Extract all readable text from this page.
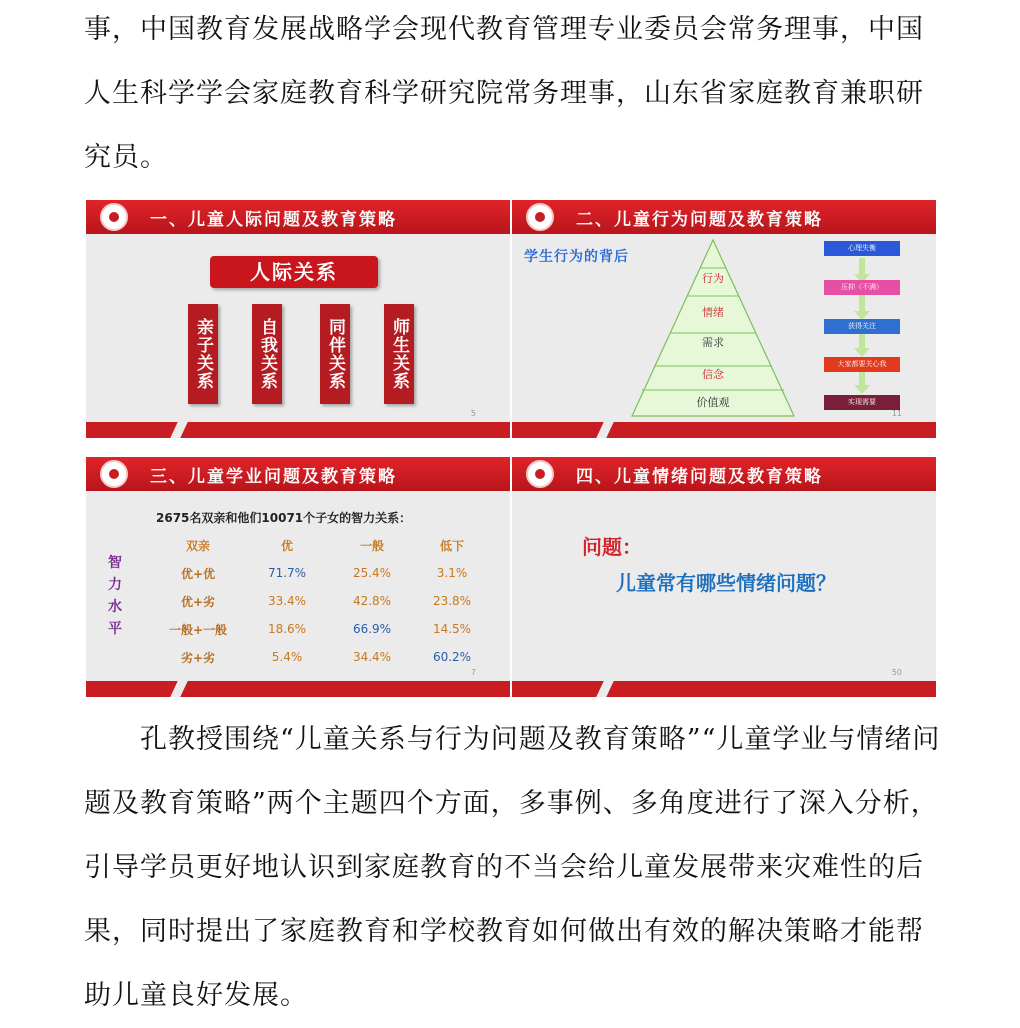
事，中国教育发展战略学会现代教育管理专业委员会常务理事，中国人生科学学会家庭教育科学研究院常务理事，山东省家庭教育兼职研究员。
一、儿童人际问题及教育策略
人际关系
亲子关系	自我关系	同伴关系	师生关系
5
二、儿童行为问题及教育策略
学生行为的背后
行为
情绪
需求
信念
价值观
心理失衡
压抑（不满）
获得关注
大家都要关心我
实现需要
11
三、儿童学业问题及教育策略
2675名双亲和他们10071个子女的智力关系：
智力水平
双亲	优	一般	低下
优+优	71.7%	25.4%	3.1%
优+劣	33.4%	42.8%	23.8%
一般+一般	18.6%	66.9%	14.5%
劣+劣	5.4%	34.4%	60.2%
7
四、儿童情绪问题及教育策略
问题：
儿童常有哪些情绪问题？
50
孔教授围绕“儿童关系与行为问题及教育策略”“儿童学业与情绪问题及教育策略”两个主题四个方面，多事例、多角度进行了深入分析，引导学员更好地认识到家庭教育的不当会给儿童发展带来灾难性的后果，同时提出了家庭教育和学校教育如何做出有效的解决策略才能帮助儿童良好发展。
